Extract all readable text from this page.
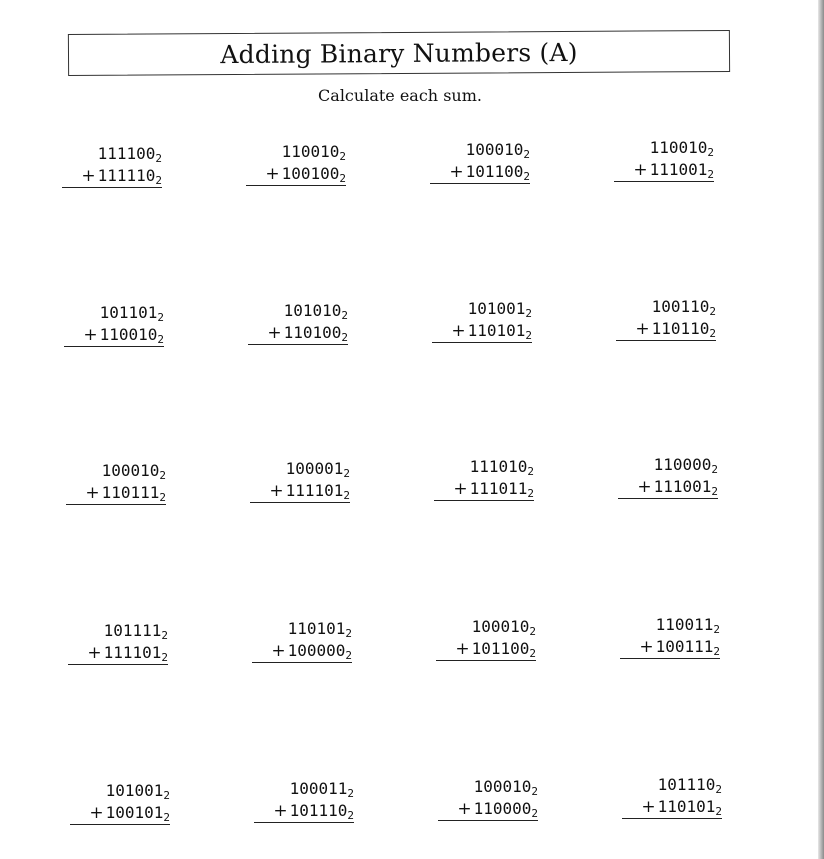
Adding Binary Numbers (A)
Calculate each sum.
$111100_2$
+ $111110_2$
$110010_2$
+ $100100_2$
$100010_2$
+ $101100_2$
$110010_2$
+ $111001_2$
$101101_2$
+ $110010_2$
$101010_2$
+ $110100_2$
$101001_2$
+ $110101_2$
$100110_2$
+ $110110_2$
$100010_2$
+ $110111_2$
$100001_2$
+ $111101_2$
$111010_2$
+ $111011_2$
$110000_2$
+ $111001_2$
$101111_2$
+ $111101_2$
$110101_2$
+ $100000_2$
$100010_2$
+ $101100_2$
$110011_2$
+ $100111_2$
$101001_2$
+ $100101_2$
$100011_2$
+ $101110_2$
$100010_2$
+ $110000_2$
$101110_2$
+ $110101_2$
